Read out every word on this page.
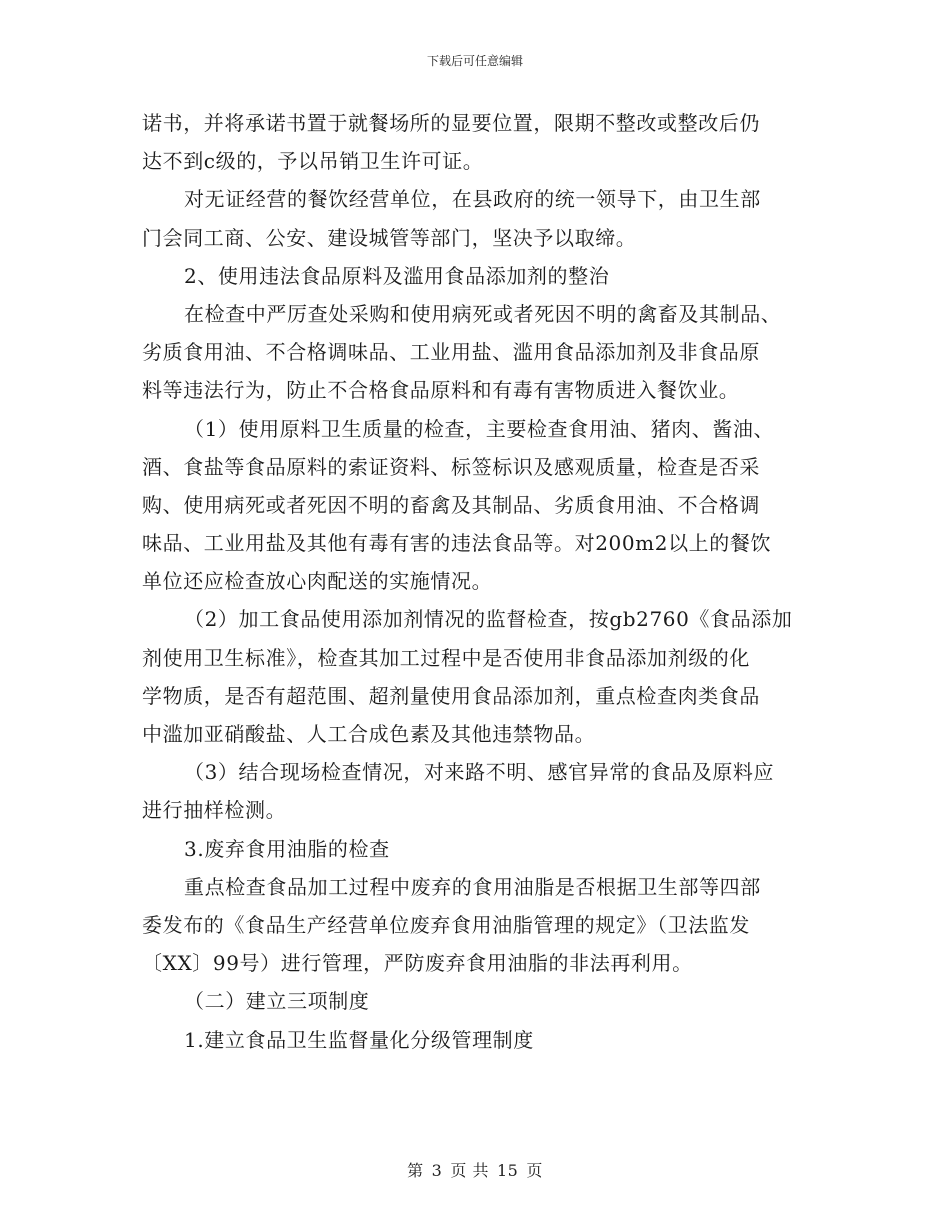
下载后可任意编辑
诺书，并将承诺书置于就餐场所的显要位置，限期不整改或整改后仍
达不到c级的，予以吊销卫生许可证。
对无证经营的餐饮经营单位，在县政府的统一领导下，由卫生部
门会同工商、公安、建设城管等部门，坚决予以取缔。
2、使用违法食品原料及滥用食品添加剂的整治
在检查中严厉查处采购和使用病死或者死因不明的禽畜及其制品、
劣质食用油、不合格调味品、工业用盐、滥用食品添加剂及非食品原
料等违法行为，防止不合格食品原料和有毒有害物质进入餐饮业。
（1）使用原料卫生质量的检查，主要检查食用油、猪肉、酱油、
酒、食盐等食品原料的索证资料、标签标识及感观质量，检查是否采
购、使用病死或者死因不明的畜禽及其制品、劣质食用油、不合格调
味品、工业用盐及其他有毒有害的违法食品等。对200m2以上的餐饮
单位还应检查放心肉配送的实施情况。
（2）加工食品使用添加剂情况的监督检查，按gb2760《食品添加
剂使用卫生标准》，检查其加工过程中是否使用非食品添加剂级的化
学物质，是否有超范围、超剂量使用食品添加剂，重点检查肉类食品
中滥加亚硝酸盐、人工合成色素及其他违禁物品。
（3）结合现场检查情况，对来路不明、感官异常的食品及原料应
进行抽样检测。
3.废弃食用油脂的检查
重点检查食品加工过程中废弃的食用油脂是否根据卫生部等四部
委发布的《食品生产经营单位废弃食用油脂管理的规定》（卫法监发
〔XX〕99号）进行管理，严防废弃食用油脂的非法再利用。
（二）建立三项制度
1.建立食品卫生监督量化分级管理制度
第 3 页 共 15 页
